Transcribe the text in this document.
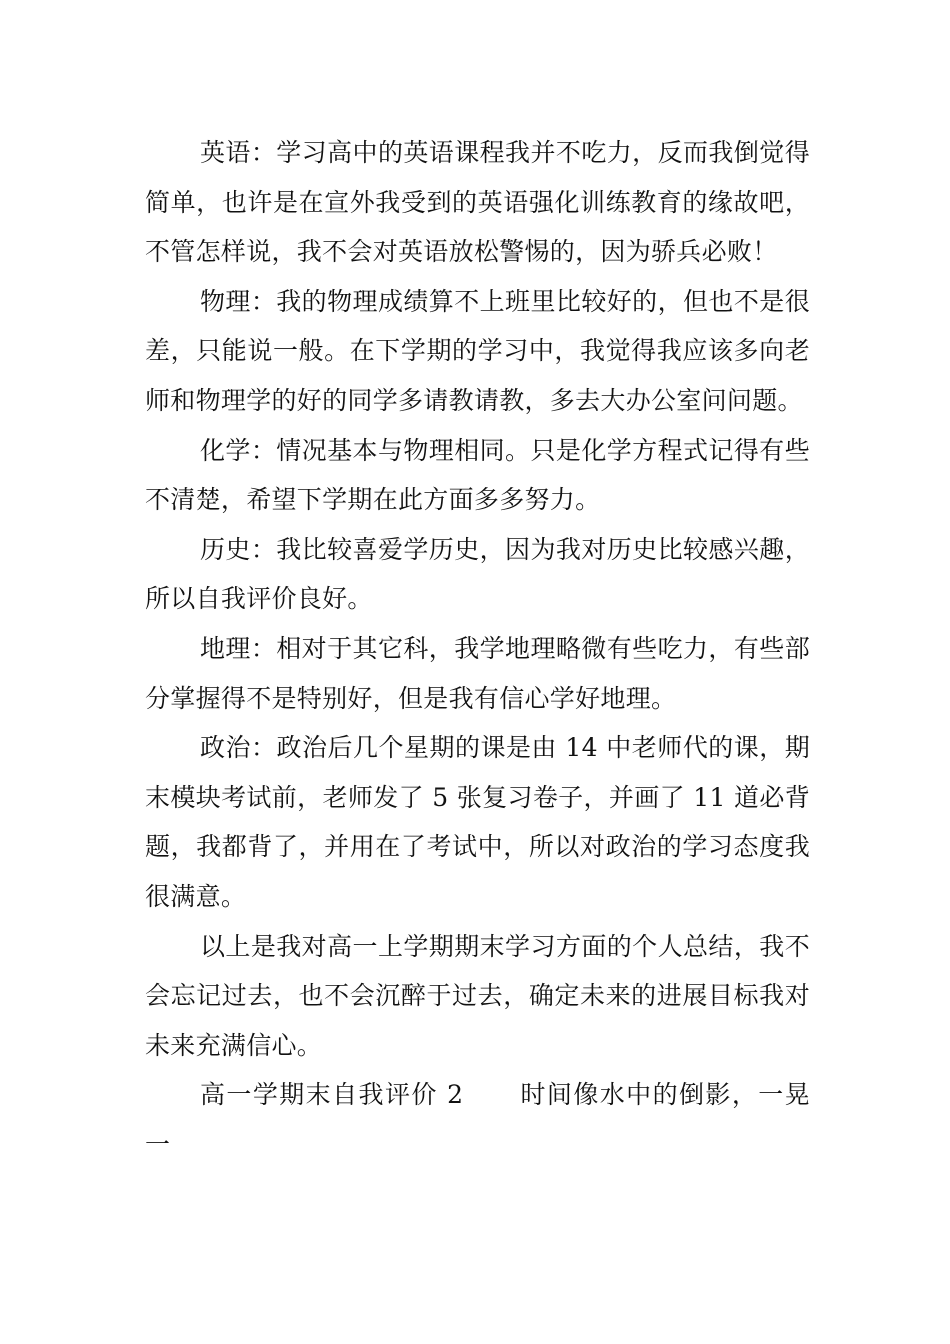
英语：学习高中的英语课程我并不吃力，反而我倒觉得简单，也许是在宣外我受到的英语强化训练教育的缘故吧，不管怎样说，我不会对英语放松警惕的，因为骄兵必败！

物理：我的物理成绩算不上班里比较好的，但也不是很差，只能说一般。在下学期的学习中，我觉得我应该多向老师和物理学的好的同学多请教请教，多去大办公室问问题。

化学：情况基本与物理相同。只是化学方程式记得有些不清楚，希望下学期在此方面多多努力。

历史：我比较喜爱学历史，因为我对历史比较感兴趣，所以自我评价良好。

地理：相对于其它科，我学地理略微有些吃力，有些部分掌握得不是特别好，但是我有信心学好地理。

政治：政治后几个星期的课是由 14 中老师代的课，期末模块考试前，老师发了 5 张复习卷子，并画了 11 道必背题，我都背了，并用在了考试中，所以对政治的学习态度我很满意。

以上是我对高一上学期期末学习方面的个人总结，我不会忘记过去，也不会沉醉于过去，确定未来的进展目标我对未来充满信心。

高一学期末自我评价 2 时间像水中的倒影，一晃一
